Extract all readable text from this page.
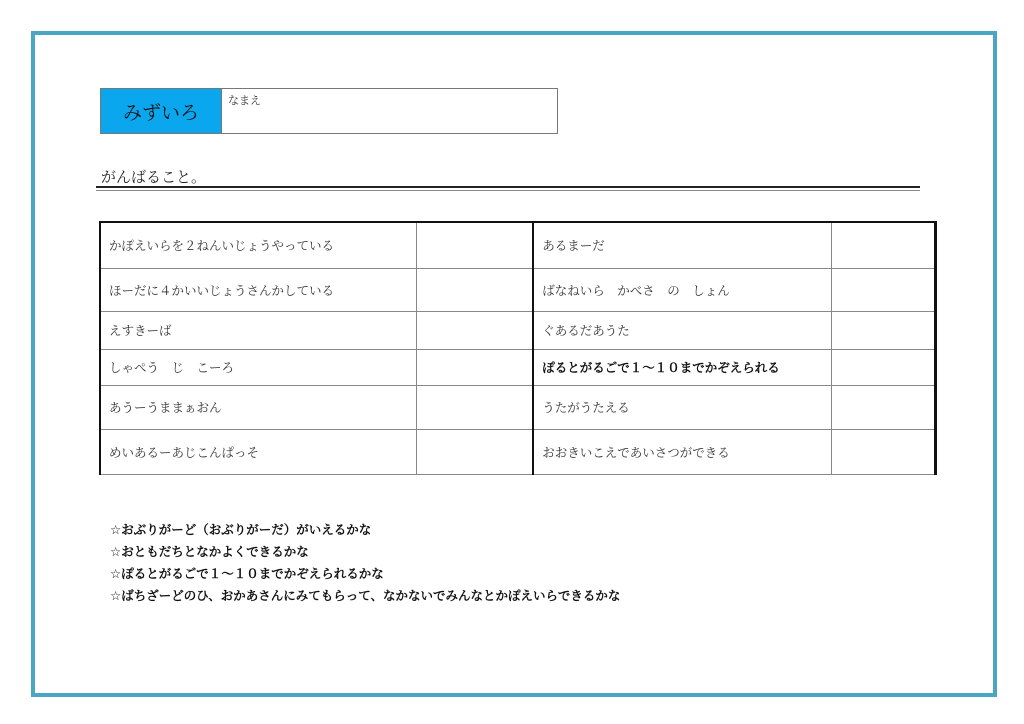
みずいろ
なまえ
がんばること。
かぽえいらを２ねんいじょうやっている		あるまーだ	
ほーだに４かいいじょうさんかしている		ばなねいら　かべさ　の　しょん	
えすきーば		ぐあるだあうた	
しゃぺう　じ　こーろ		ぽるとがるごで１～１０までかぞえられる	
あうーうままぁおん		うたがうたえる	
めいあるーあじこんぱっそ		おおきいこえであいさつができる	
☆おぶりがーど（おぶりがーだ）がいえるかな
☆おともだちとなかよくできるかな
☆ぽるとがるごで１～１０までかぞえられるかな
☆ばちざーどのひ、おかあさんにみてもらって、なかないでみんなとかぽえいらできるかな
